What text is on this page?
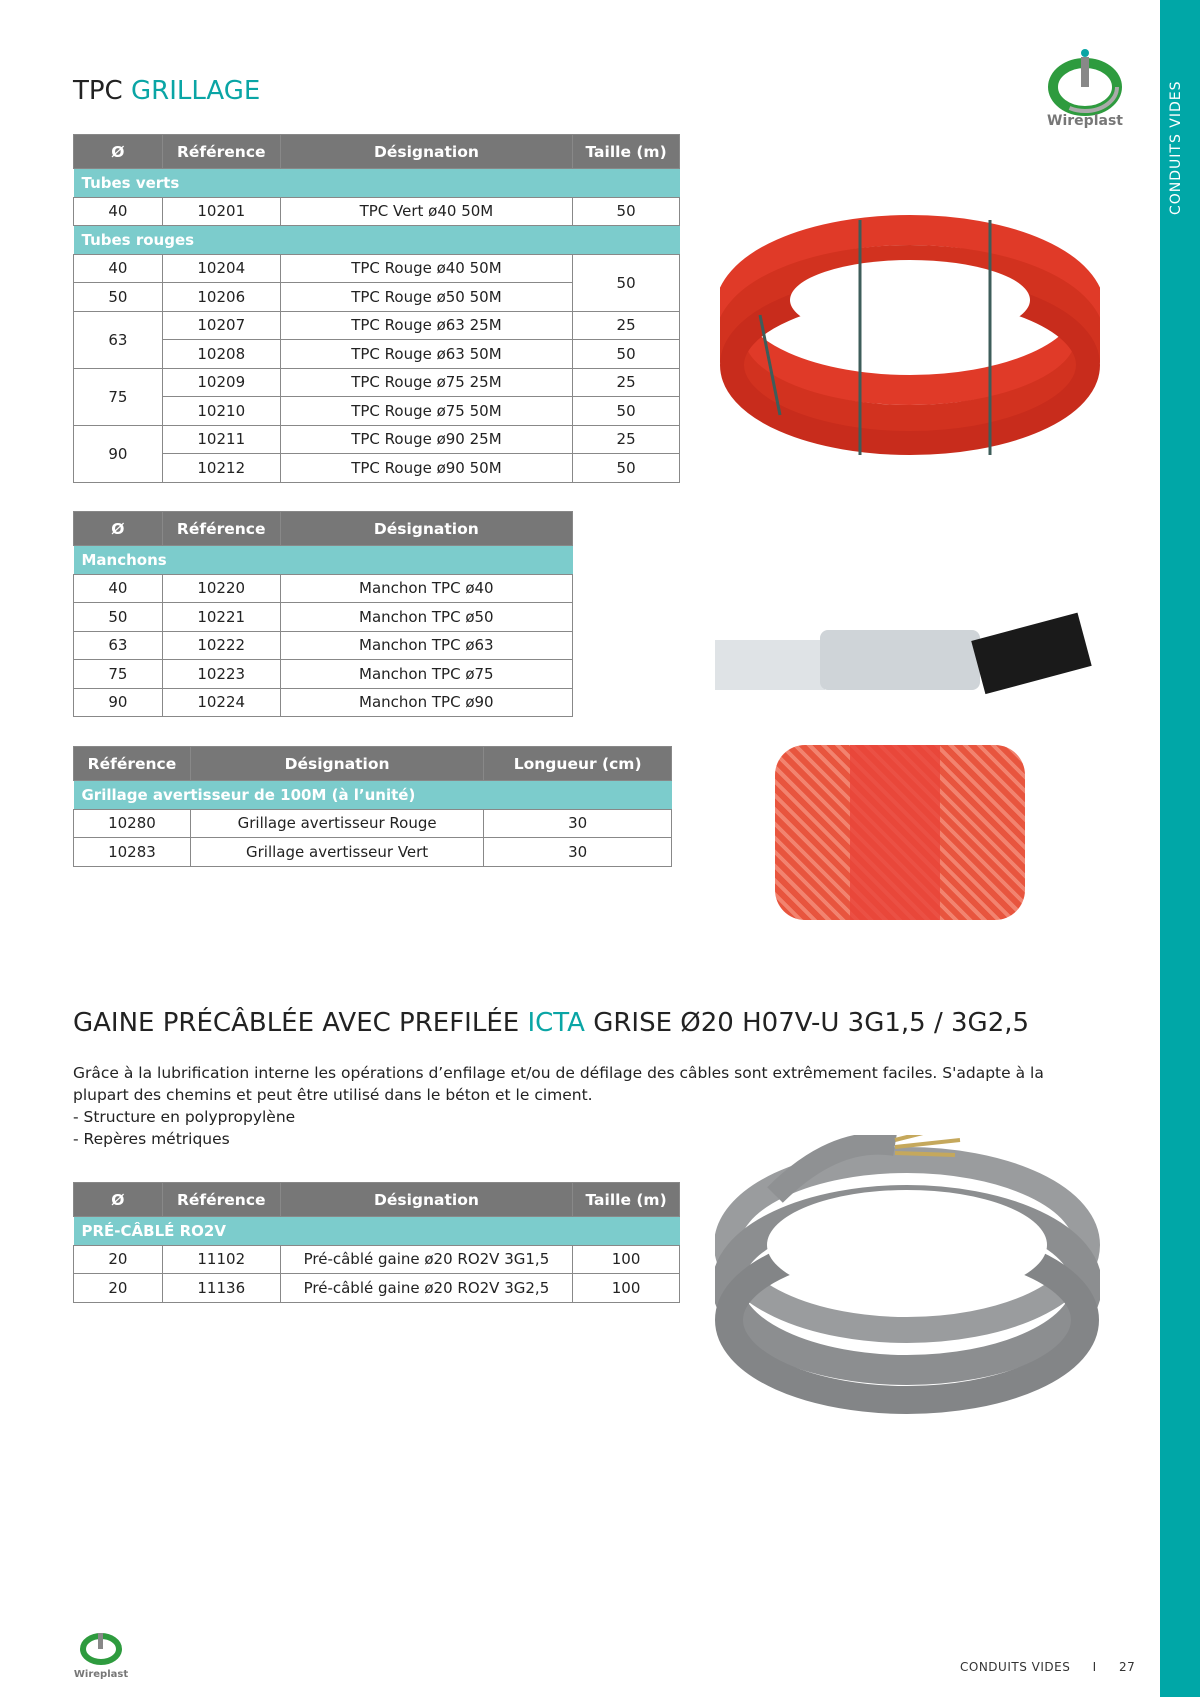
CONDUITS VIDES
Wireplast
TPC GRILLAGE
Ø	Référence	Désignation	Taille (m)
Tubes verts			
40	10201	TPC Vert ø40 50M	50
Tubes rouges			
40	10204	TPC Rouge ø40 50M	50
50	10206	TPC Rouge ø50 50M	
63	10207	TPC Rouge ø63 25M	25
	10208	TPC Rouge ø63 50M	50
75	10209	TPC Rouge ø75 25M	25
	10210	TPC Rouge ø75 50M	50
90	10211	TPC Rouge ø90 25M	25
	10212	TPC Rouge ø90 50M	50
Ø	Référence	Désignation
Manchons		
40	10220	Manchon TPC ø40
50	10221	Manchon TPC ø50
63	10222	Manchon TPC ø63
75	10223	Manchon TPC ø75
90	10224	Manchon TPC ø90
Référence	Désignation	Longueur (cm)
Grillage avertisseur de 100M (à l’unité)		
10280	Grillage avertisseur Rouge	30
10283	Grillage avertisseur Vert	30
GAINE PRÉCÂBLÉE AVEC PREFILÉE ICTA GRISE Ø20 H07V-U 3G1,5 / 3G2,5

Grâce à la lubrification interne les opérations d’enfilage et/ou de défilage des câbles sont extrêmement faciles. S'adapte à la plupart des chemins et peut être utilisé dans le béton et le ciment.

- Structure en polypropylène

- Repères métriques

Ø	Référence	Désignation	Taille (m)
PRÉ-CÂBLÉ RO2V			
20	11102	Pré-câblé gaine ø20 RO2V 3G1,5	100
20	11136	Pré-câblé gaine ø20 RO2V 3G2,5	100
Wireplast
CONDUITS VIDES I 27
